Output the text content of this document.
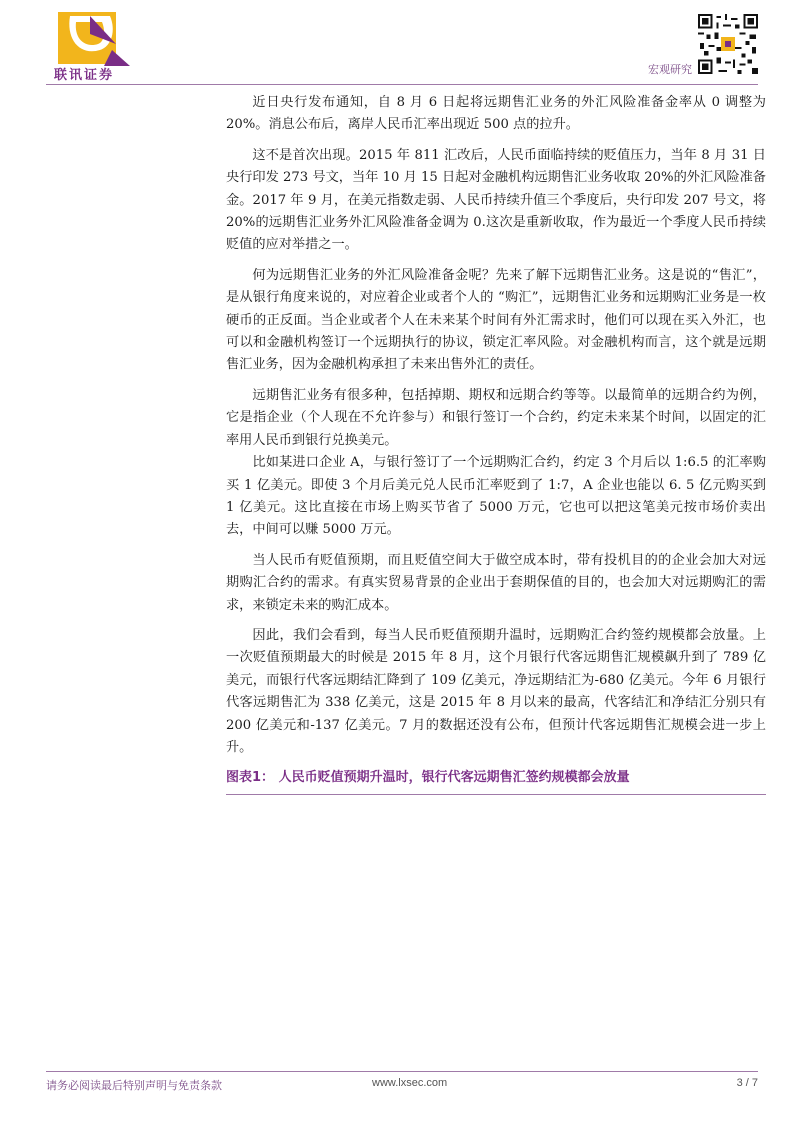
联讯证券	宏观研究

近日央行发布通知，自 8 月 6 日起将远期售汇业务的外汇风险准备金率从 0 调整为 20%。消息公布后，离岸人民币汇率出现近 500 点的拉升。

这不是首次出现。2015 年 811 汇改后，人民币面临持续的贬值压力，当年 8 月 31 日央行印发 273 号文，当年 10 月 15 日起对金融机构远期售汇业务收取 20%的外汇风险准备金。2017 年 9 月，在美元指数走弱、人民币持续升值三个季度后，央行印发 207 号文，将 20%的远期售汇业务外汇风险准备金调为 0.这次是重新收取，作为最近一个季度人民币持续贬值的应对举措之一。

何为远期售汇业务的外汇风险准备金呢？先来了解下远期售汇业务。这是说的“售汇”，是从银行角度来说的，对应着企业或者个人的 “购汇”，远期售汇业务和远期购汇业务是一枚硬币的正反面。当企业或者个人在未来某个时间有外汇需求时，他们可以现在买入外汇，也可以和金融机构签订一个远期执行的协议，锁定汇率风险。对金融机构而言，这个就是远期售汇业务，因为金融机构承担了未来出售外汇的责任。

远期售汇业务有很多种，包括掉期、期权和远期合约等等。以最简单的远期合约为例，它是指企业（个人现在不允许参与）和银行签订一个合约，约定未来某个时间，以固定的汇率用人民币到银行兑换美元。

比如某进口企业 A，与银行签订了一个远期购汇合约，约定 3 个月后以 1:6.5 的汇率购买 1 亿美元。即使 3 个月后美元兑人民币汇率贬到了 1:7，A 企业也能以 6. 5 亿元购买到 1 亿美元。这比直接在市场上购买节省了 5000 万元，它也可以把这笔美元按市场价卖出去，中间可以赚 5000 万元。

当人民币有贬值预期，而且贬值空间大于做空成本时，带有投机目的的企业会加大对远期购汇合约的需求。有真实贸易背景的企业出于套期保值的目的，也会加大对远期购汇的需求，来锁定未来的购汇成本。

因此，我们会看到，每当人民币贬值预期升温时，远期购汇合约签约规模都会放量。上一次贬值预期最大的时候是 2015 年 8 月，这个月银行代客远期售汇规模飙升到了 789 亿美元，而银行代客远期结汇降到了 109 亿美元，净远期结汇为-680 亿美元。今年 6 月银行代客远期售汇为 338 亿美元，这是 2015 年 8 月以来的最高，代客结汇和净结汇分别只有 200 亿美元和-137 亿美元。7 月的数据还没有公布，但预计代客远期售汇规模会进一步上升。

图表1： 人民币贬值预期升温时，银行代客远期售汇签约规模都会放量
请务必阅读最后特别声明与免责条款	www.lxsec.com	3 / 7
